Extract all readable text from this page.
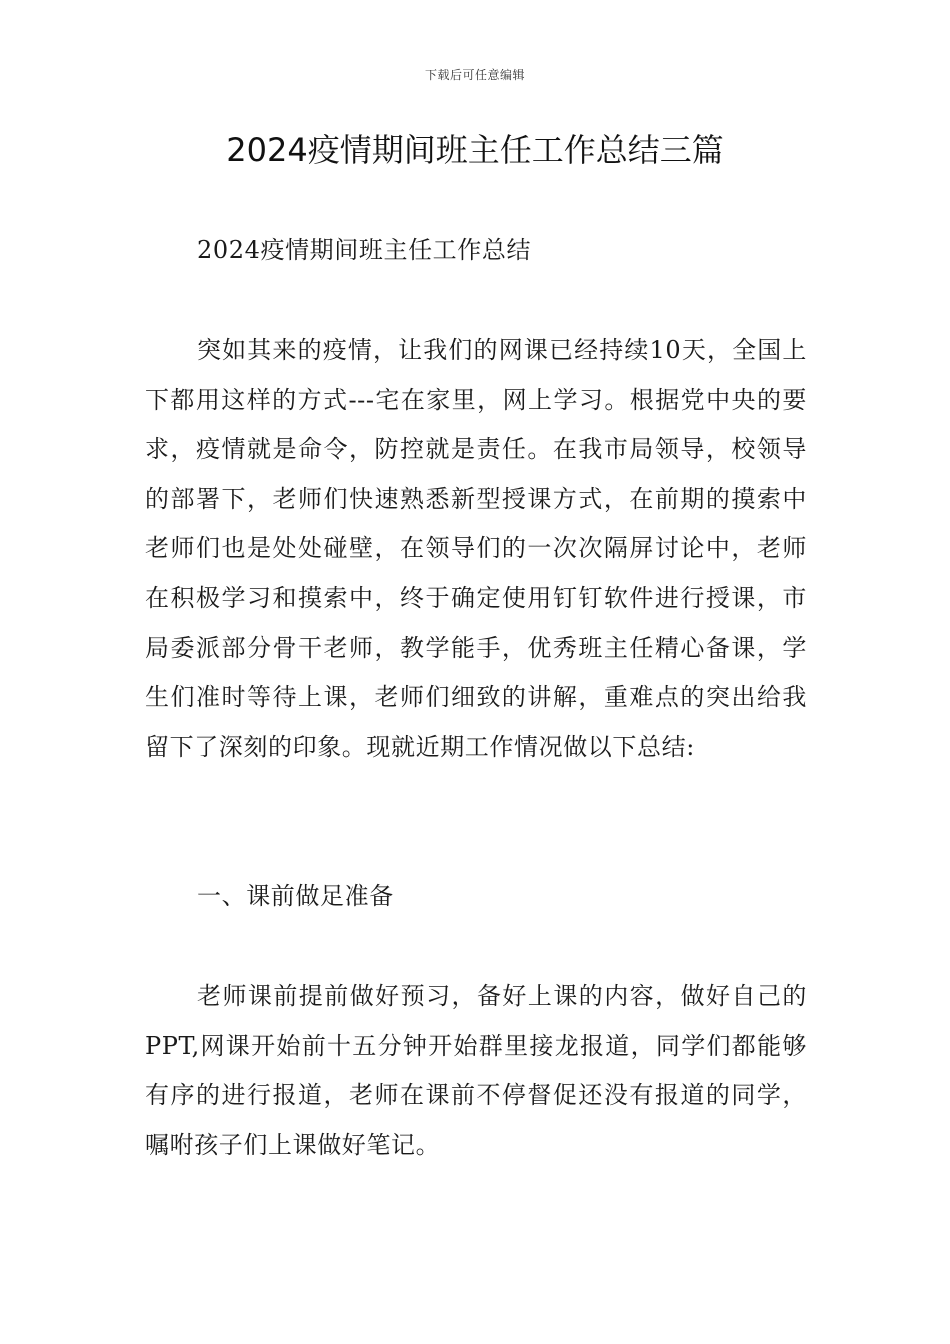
下载后可任意编辑
2024疫情期间班主任工作总结三篇

2024疫情期间班主任工作总结

突如其来的疫情，让我们的网课已经持续10天，全国上下都用这样的方式---宅在家里，网上学习。根据党中央的要求，疫情就是命令，防控就是责任。在我市局领导，校领导的部署下，老师们快速熟悉新型授课方式，在前期的摸索中老师们也是处处碰壁，在领导们的一次次隔屏讨论中，老师在积极学习和摸索中，终于确定使用钉钉软件进行授课，市局委派部分骨干老师，教学能手，优秀班主任精心备课，学生们准时等待上课，老师们细致的讲解，重难点的突出给我留下了深刻的印象。现就近期工作情况做以下总结:

一、课前做足准备

老师课前提前做好预习，备好上课的内容，做好自己的PPT,网课开始前十五分钟开始群里接龙报道，同学们都能够有序的进行报道，老师在课前不停督促还没有报道的同学，嘱咐孩子们上课做好笔记。
